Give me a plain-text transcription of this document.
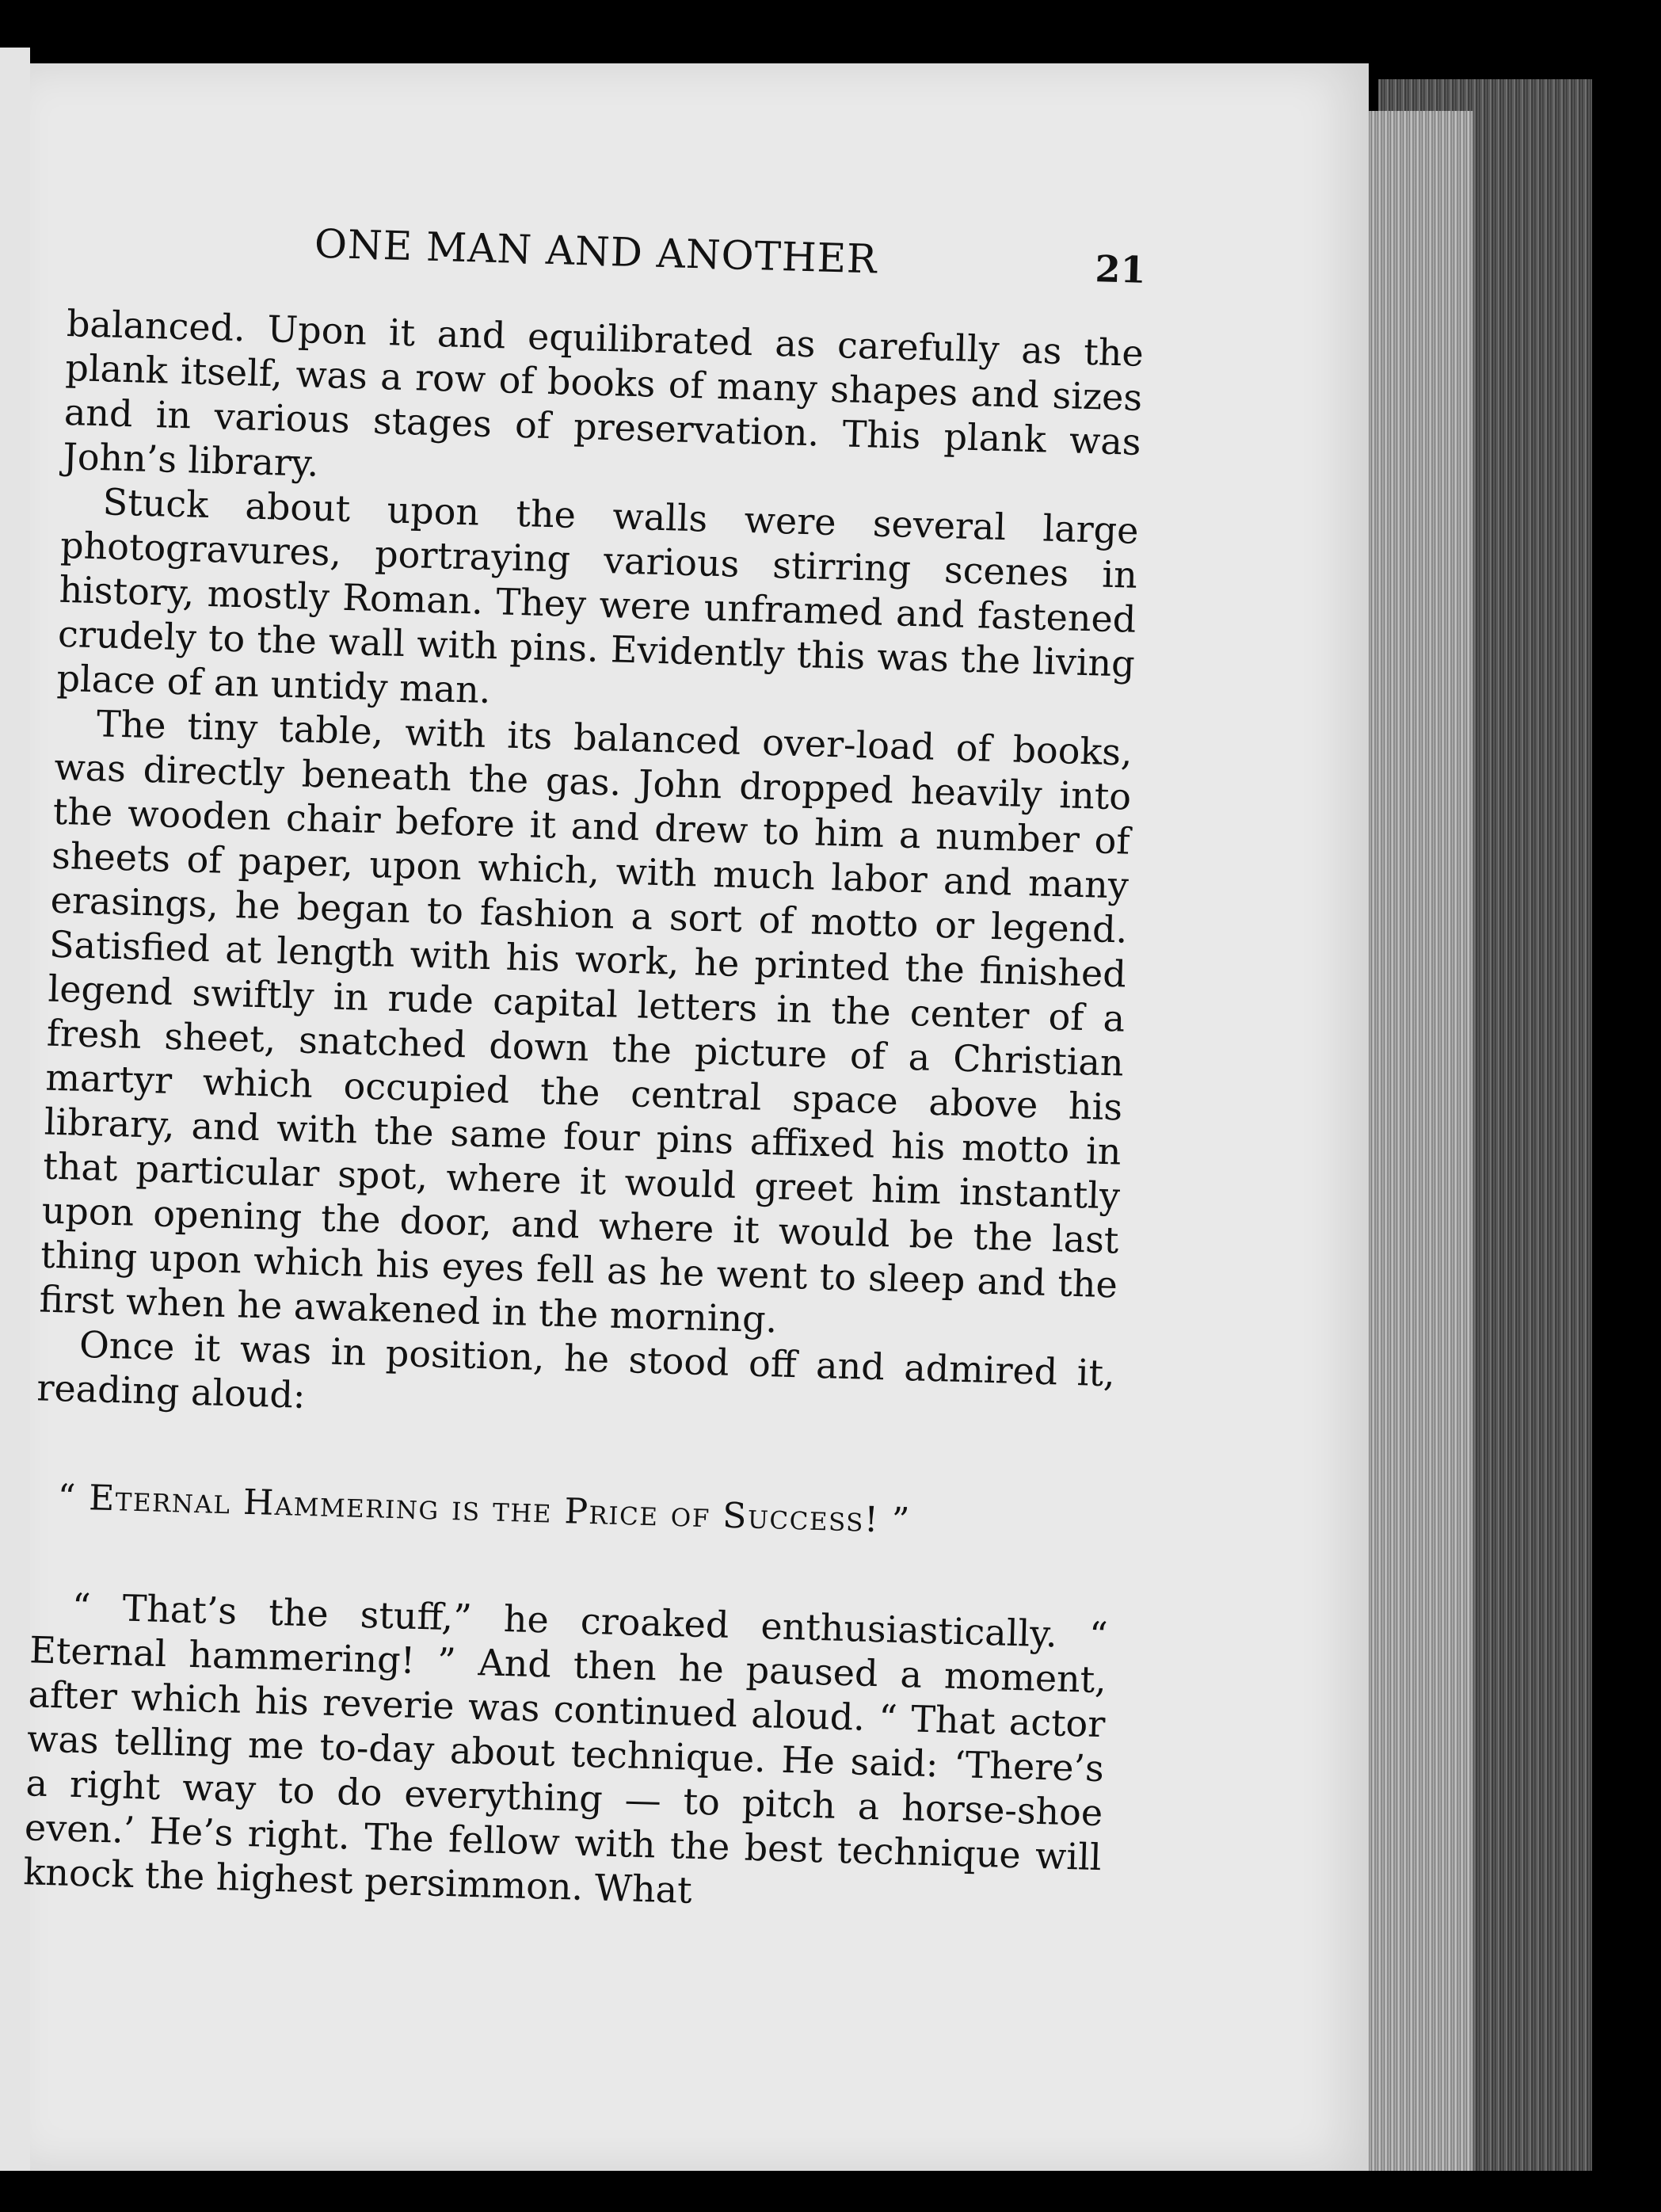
ONE MAN AND ANOTHER	21

balanced. Upon it and equilibrated as carefully as the plank itself, was a row of books of many shapes and sizes and in various stages of preservation. This plank was John’s library.

Stuck about upon the walls were several large photogravures, portraying various stirring scenes in history, mostly Roman. They were unframed and fastened crudely to the wall with pins. Evidently this was the living place of an untidy man.

The tiny table, with its balanced over-load of books, was directly beneath the gas. John dropped heavily into the wooden chair before it and drew to him a number of sheets of paper, upon which, with much labor and many erasings, he began to fashion a sort of motto or legend. Satisfied at length with his work, he printed the finished legend swiftly in rude capital letters in the center of a fresh sheet, snatched down the picture of a Christian martyr which occupied the central space above his library, and with the same four pins affixed his motto in that particular spot, where it would greet him instantly upon opening the door, and where it would be the last thing upon which his eyes fell as he went to sleep and the first when he awakened in the morning.

Once it was in position, he stood off and admired it, reading aloud:

“ Eternal Hammering is the Price of Success! ”

“ That’s the stuff,” he croaked enthusiastically. “ Eternal hammering! ” And then he paused a moment, after which his reverie was continued aloud. “ That actor was telling me to-day about technique. He said: ‘There’s a right way to do everything — to pitch a horse-shoe even.’ He’s right. The fellow with the best technique will knock the highest persimmon. What
